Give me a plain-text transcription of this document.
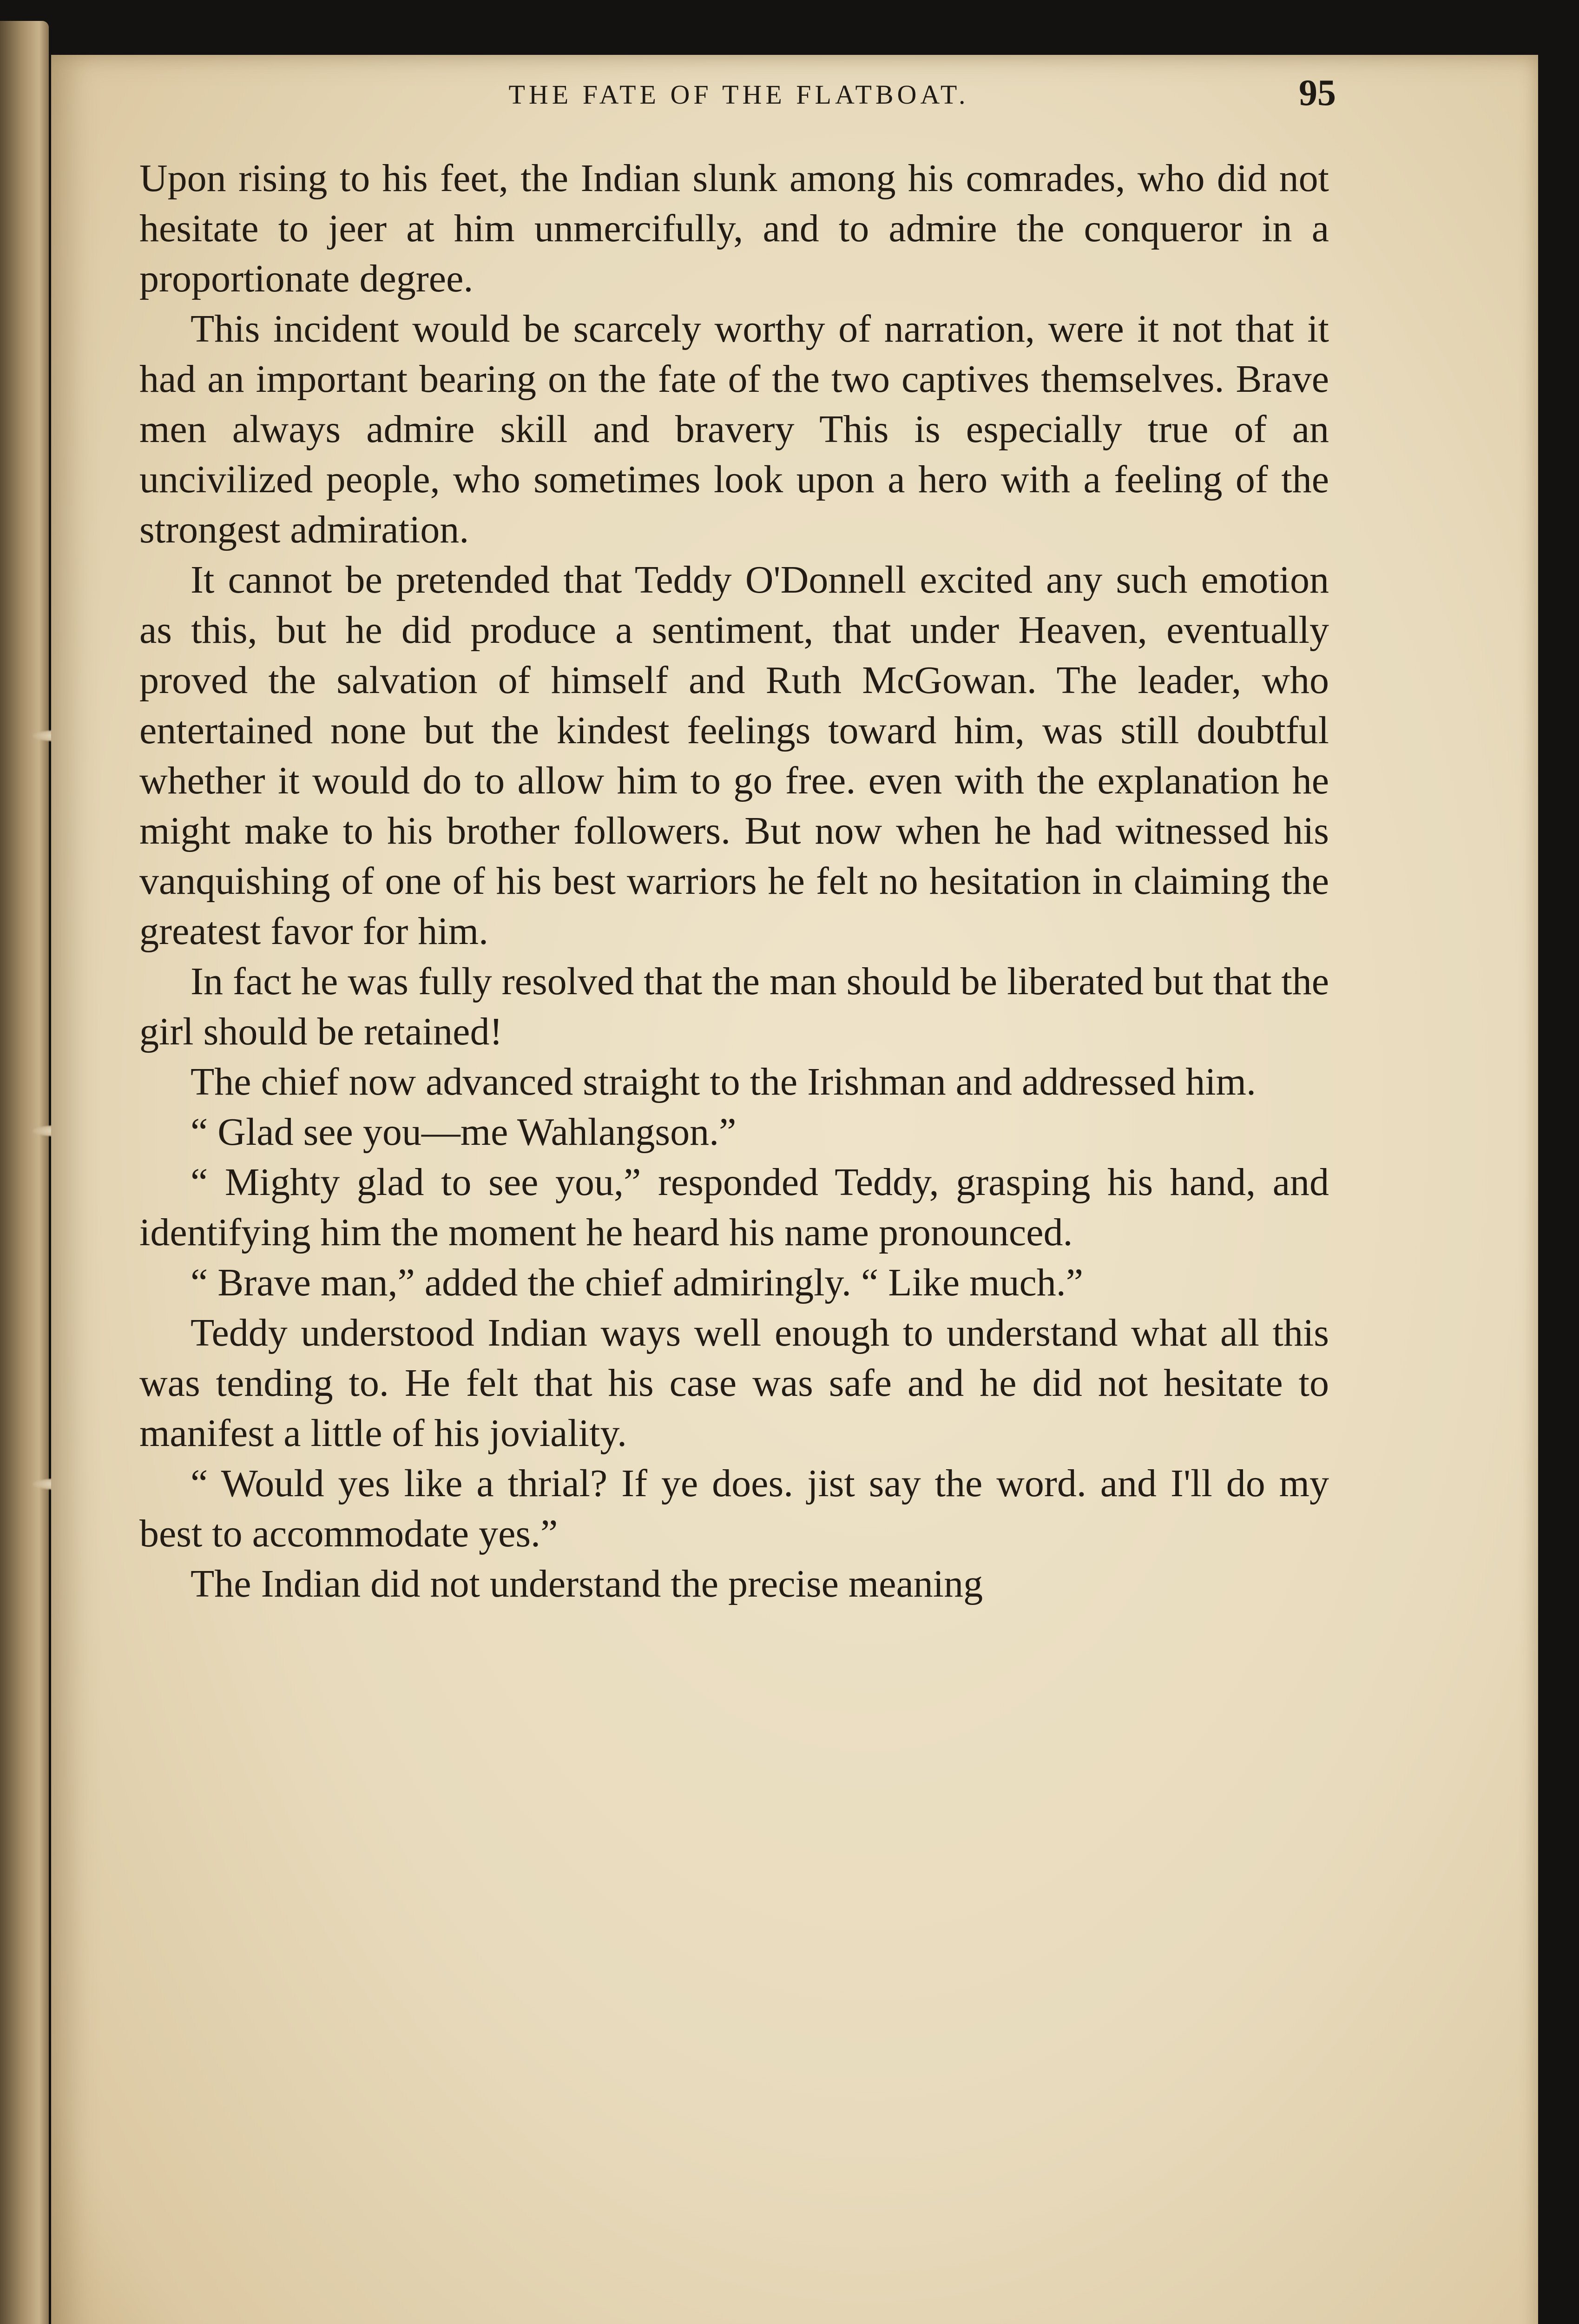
THE FATE OF THE FLATBOAT.	95

Upon rising to his feet, the Indian slunk among his comrades, who did not hesitate to jeer at him unmercifully, and to admire the conqueror in a proportionate degree.

This incident would be scarcely worthy of narration, were it not that it had an important bearing on the fate of the two captives themselves. Brave men always admire skill and bravery This is especially true of an uncivilized people, who sometimes look upon a hero with a feeling of the strongest admiration.

It cannot be pretended that Teddy O'Donnell excited any such emotion as this, but he did produce a sentiment, that under Heaven, eventually proved the salvation of himself and Ruth McGowan. The leader, who entertained none but the kindest feelings toward him, was still doubtful whether it would do to allow him to go free. even with the explanation he might make to his brother followers. But now when he had witnessed his vanquishing of one of his best warriors he felt no hesitation in claiming the greatest favor for him.

In fact he was fully resolved that the man should be liberated but that the girl should be retained!

The chief now advanced straight to the Irishman and addressed him.

“ Glad see you—me Wahlangson.”

“ Mighty glad to see you,” responded Teddy, grasping his hand, and identifying him the moment he heard his name pronounced.

“ Brave man,” added the chief admiringly. “ Like much.”

Teddy understood Indian ways well enough to understand what all this was tending to. He felt that his case was safe and he did not hesitate to manifest a little of his joviality.

“ Would yes like a thrial? If ye does. jist say the word. and I'll do my best to accommodate yes.”

The Indian did not understand the precise meaning
